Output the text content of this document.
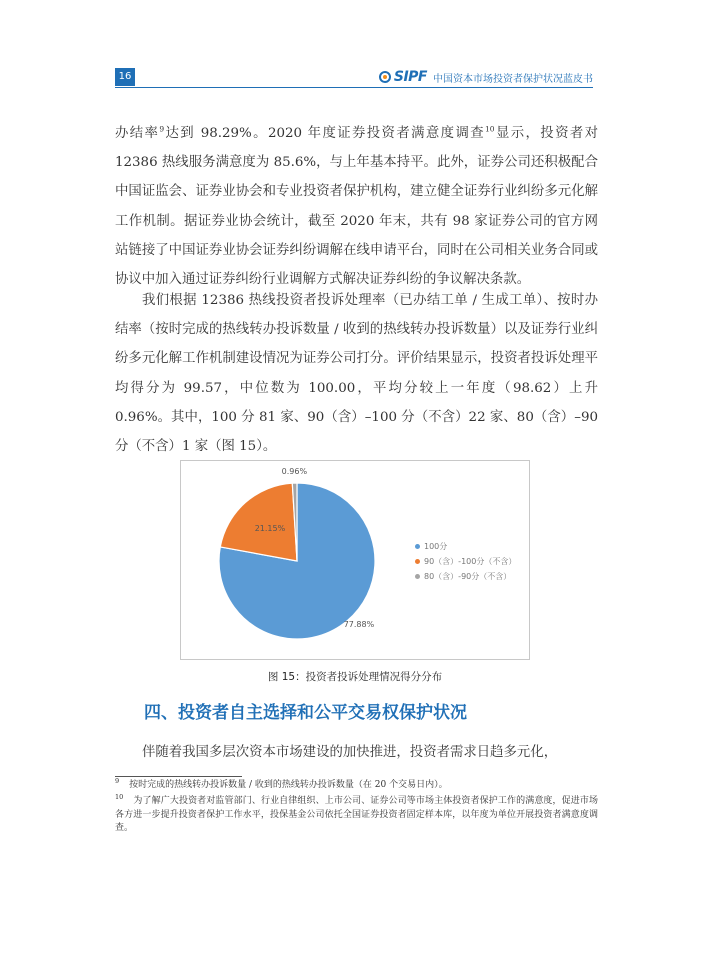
16	SIPF 中国资本市场投资者保护状况蓝皮书
办结率$^9$达到 98.29%。2020 年度证券投资者满意度调查$^{10}$显示，投资者对 12386 热线服务满意度为 85.6%，与上年基本持平。此外，证券公司还积极配合中国证监会、证券业协会和专业投资者保护机构，建立健全证券行业纠纷多元化解工作机制。据证券业协会统计，截至 2020 年末，共有 98 家证券公司的官方网站链接了中国证券业协会证券纠纷调解在线申请平台，同时在公司相关业务合同或协议中加入通过证券纠纷行业调解方式解决证券纠纷的争议解决条款。
我们根据 12386 热线投资者投诉处理率（已办结工单 / 生成工单）、按时办结率（按时完成的热线转办投诉数量 / 收到的热线转办投诉数量）以及证券行业纠纷多元化解工作机制建设情况为证券公司打分。评价结果显示，投资者投诉处理平均得分为 99.57，中位数为 100.00，平均分较上一年度（98.62）上升 0.96%。其中，100 分 81 家、90（含）–100 分（不含）22 家、80（含）–90 分（不含）1 家（图 15）。
77.88%
21.15%
0.96%
100分
90（含）-100分（不含）
80（含）-90分（不含）
图 15：投资者投诉处理情况得分分布
四、投资者自主选择和公平交易权保护状况
伴随着我国多层次资本市场建设的加快推进，投资者需求日趋多元化，
$^9$ 按时完成的热线转办投诉数量 / 收到的热线转办投诉数量（在 20 个交易日内）。
$^{10}$ 为了解广大投资者对监管部门、行业自律组织、上市公司、证券公司等市场主体投资者保护工作的满意度，促进市场各方进一步提升投资者保护工作水平，投保基金公司依托全国证券投资者固定样本库，以年度为单位开展投资者满意度调查。
